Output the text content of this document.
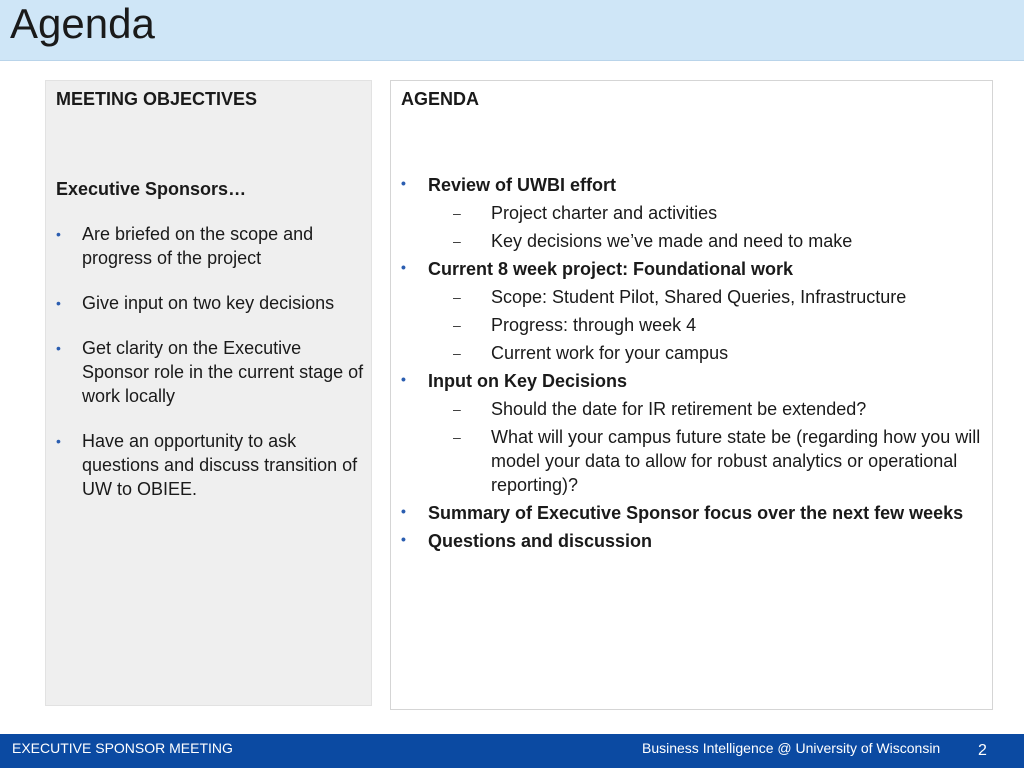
Agenda
MEETING OBJECTIVES
Executive Sponsors…
• Are briefed on the scope and progress of the project
• Give input on two key decisions
• Get clarity on the Executive Sponsor role in the current stage of work locally
• Have an opportunity to ask questions and discuss transition of UW to OBIEE.
AGENDA
• Review of UWBI effort
– Project charter and activities
– Key decisions we’ve made and need to make
• Current 8 week project: Foundational work
– Scope: Student Pilot, Shared Queries, Infrastructure
– Progress: through week 4
– Current work for your campus
• Input on Key Decisions
– Should the date for IR retirement be extended?
– What will your campus future state be (regarding how you will model your data to allow for robust analytics or operational reporting)?
• Summary of Executive Sponsor focus over the next few weeks
• Questions and discussion
EXECUTIVE SPONSOR MEETING	Business Intelligence @ University of Wisconsin 2
